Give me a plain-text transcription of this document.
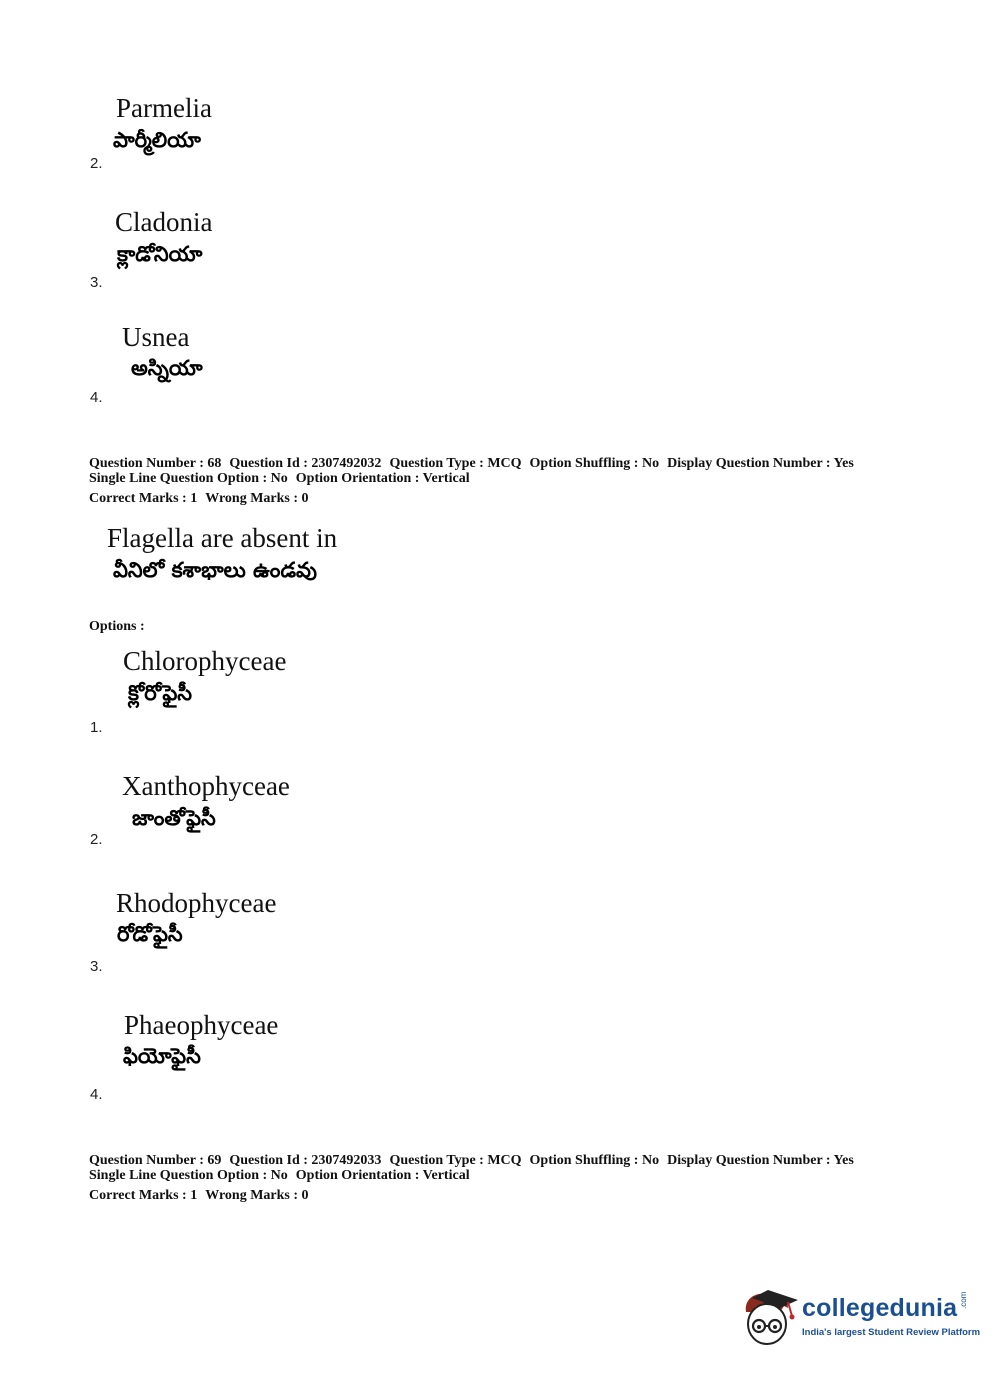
Parmelia
పార్మీలియా
2.
Cladonia
క్లాడోనియా
3.
Usnea
అస్నియా
4.
Question Number : 68 Question Id : 2307492032 Question Type : MCQ Option Shuffling : No Display Question Number : Yes
Single Line Question Option : No Option Orientation : Vertical
Correct Marks : 1 Wrong Marks : 0
Flagella are absent in
వీనిలో కశాభాలు ఉండవు
Options :
Chlorophyceae
క్లోరోఫైసీ
1.
Xanthophyceae
జాంతోఫైసీ
2.
Rhodophyceae
రోడోఫైసీ
3.
Phaeophyceae
ఫియోఫైసీ
4.
Question Number : 69 Question Id : 2307492033 Question Type : MCQ Option Shuffling : No Display Question Number : Yes
Single Line Question Option : No Option Orientation : Vertical
Correct Marks : 1 Wrong Marks : 0
collegedunia .com
India's largest Student Review Platform
